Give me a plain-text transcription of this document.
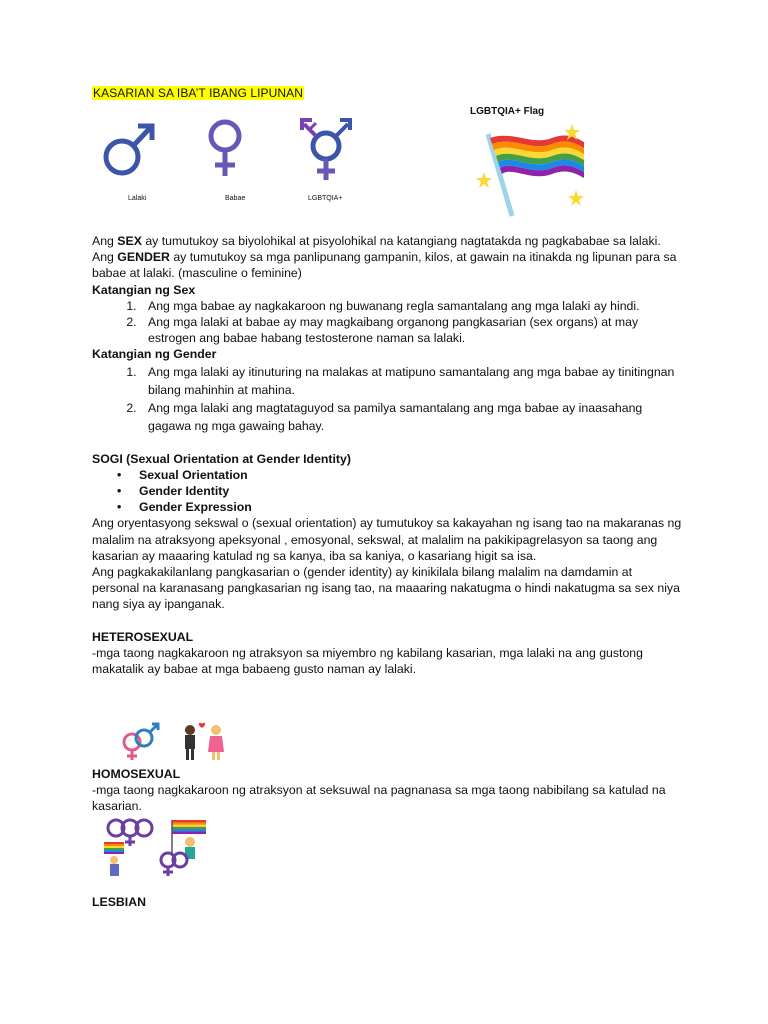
KASARIAN SA IBA’T IBANG LIPUNAN
Lalaki	Babae	LGBTQIA+
LGBTQIA+ Flag

Ang SEX ay tumutukoy sa biyolohikal at pisyolohikal na katangiang nagtatakda ng pagkababae sa lalaki.

Ang GENDER ay tumutukoy sa mga panlipunang gampanin, kilos, at gawain na itinakda ng lipunan para sa babae at lalaki. (masculine o feminine)

Katangian ng Sex

1. Ang mga babae ay nagkakaroon ng buwanang regla samantalang ang mga lalaki ay hindi.
2. Ang mga lalaki at babae ay may magkaibang organong pangkasarian (sex organs) at may estrogen ang babae habang testosterone naman sa lalaki.

Katangian ng Gender

1. Ang mga lalaki ay itinuturing na malakas at matipuno samantalang ang mga babae ay tinitingnan bilang mahinhin at mahina.
2. Ang mga lalaki ang magtataguyod sa pamilya samantalang ang mga babae ay inaasahang gagawa ng mga gawaing bahay.

SOGI (Sexual Orientation at Gender Identity)

• Sexual Orientation
• Gender Identity
• Gender Expression

Ang oryentasyong sekswal o (sexual orientation) ay tumutukoy sa kakayahan ng isang tao na makaranas ng malalim na atraksyong apeksyonal , emosyonal, sekswal, at malalim na pakikipagrelasyon sa taong ang kasarian ay maaaring katulad ng sa kanya, iba sa kaniya, o kasariang higit sa isa.

Ang pagkakakilanlang pangkasarian o (gender identity) ay kinikilala bilang malalim na damdamin at personal na karanasang pangkasarian ng isang tao, na maaaring nakatugma o hindi nakatugma sa sex niya nang siya ay ipanganak.

HETEROSEXUAL

-mga taong nagkakaroon ng atraksyon sa miyembro ng kabilang kasarian, mga lalaki na ang gustong makatalik ay babae at mga babaeng gusto naman ay lalaki.

HOMOSEXUAL

-mga taong nagkakaroon ng atraksyon at seksuwal na pagnanasa sa mga taong nabibilang sa katulad na kasarian.

LESBIAN
